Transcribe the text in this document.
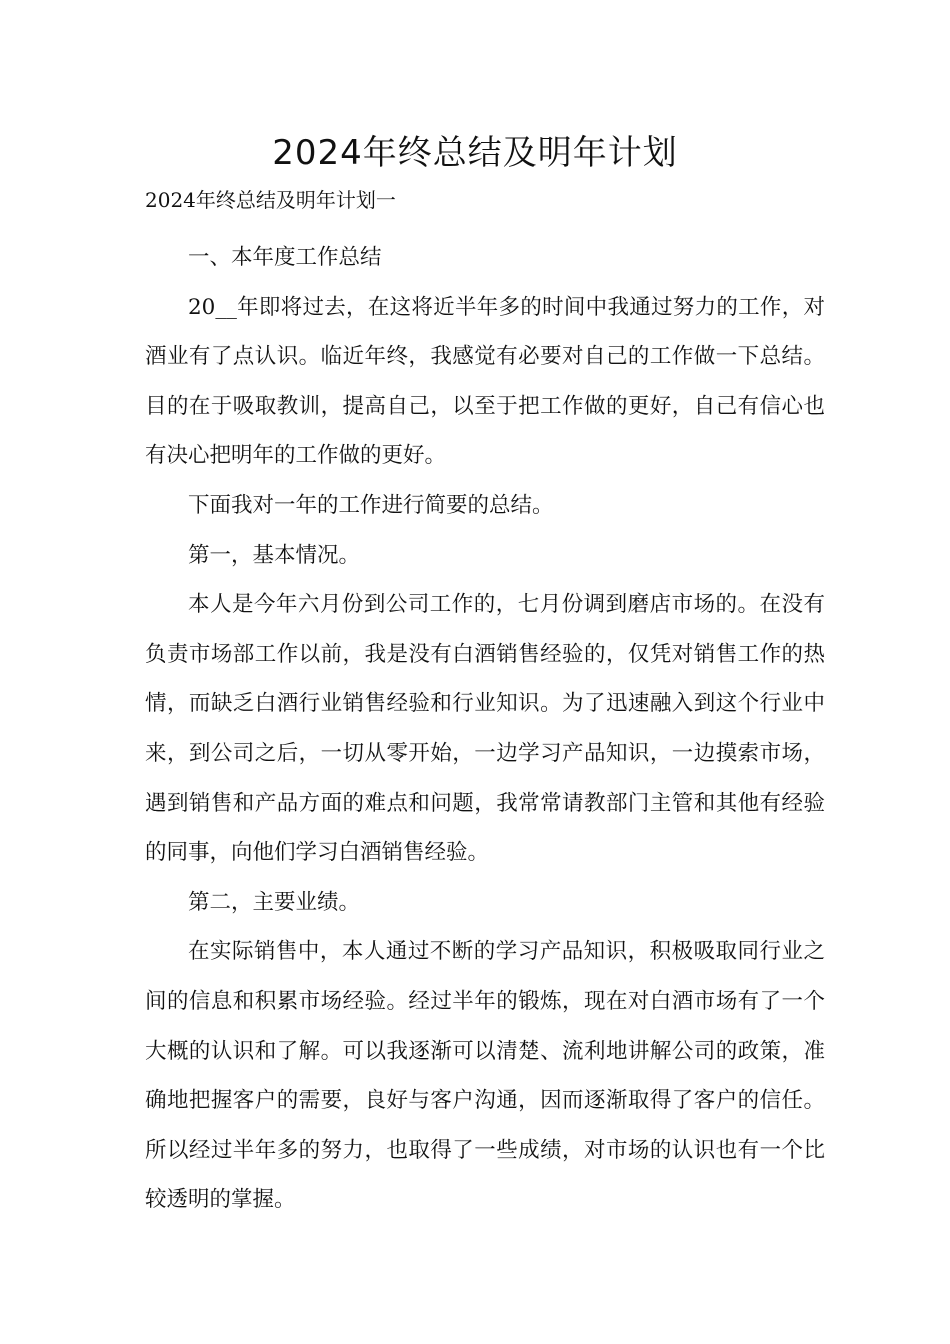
2024年终总结及明年计划

2024年终总结及明年计划一

一、本年度工作总结

20__年即将过去，在这将近半年多的时间中我通过努力的工作，对酒业有了点认识。临近年终，我感觉有必要对自己的工作做一下总结。目的在于吸取教训，提高自己，以至于把工作做的更好，自己有信心也有决心把明年的工作做的更好。

下面我对一年的工作进行简要的总结。

第一，基本情况。

本人是今年六月份到公司工作的，七月份调到磨店市场的。在没有负责市场部工作以前，我是没有白酒销售经验的，仅凭对销售工作的热情，而缺乏白酒行业销售经验和行业知识。为了迅速融入到这个行业中来，到公司之后，一切从零开始，一边学习产品知识，一边摸索市场，遇到销售和产品方面的难点和问题，我常常请教部门主管和其他有经验的同事，向他们学习白酒销售经验。

第二，主要业绩。

在实际销售中，本人通过不断的学习产品知识，积极吸取同行业之间的信息和积累市场经验。经过半年的锻炼，现在对白酒市场有了一个大概的认识和了解。可以我逐渐可以清楚、流利地讲解公司的政策，准确地把握客户的需要，良好与客户沟通，因而逐渐取得了客户的信任。所以经过半年多的努力，也取得了一些成绩，对市场的认识也有一个比较透明的掌握。
